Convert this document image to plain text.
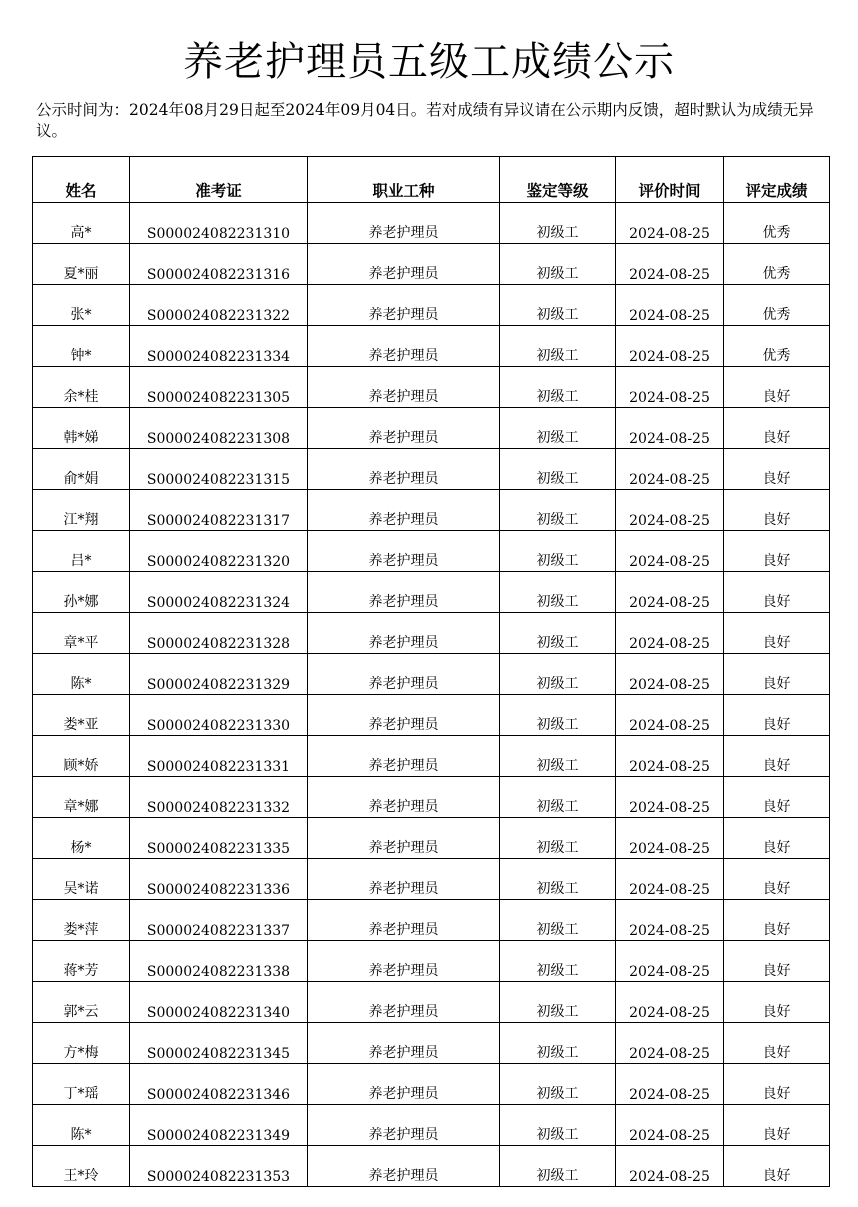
养老护理员五级工成绩公示
公示时间为：2024年08月29日起至2024年09月04日。若对成绩有异议请在公示期内反馈，超时默认为成绩无异议。
姓名	准考证	职业工种	鉴定等级	评价时间	评定成绩
高*	S000024082231310	养老护理员	初级工	2024-08-25	优秀
夏*丽	S000024082231316	养老护理员	初级工	2024-08-25	优秀
张*	S000024082231322	养老护理员	初级工	2024-08-25	优秀
钟*	S000024082231334	养老护理员	初级工	2024-08-25	优秀
余*桂	S000024082231305	养老护理员	初级工	2024-08-25	良好
韩*娣	S000024082231308	养老护理员	初级工	2024-08-25	良好
俞*娟	S000024082231315	养老护理员	初级工	2024-08-25	良好
江*翔	S000024082231317	养老护理员	初级工	2024-08-25	良好
吕*	S000024082231320	养老护理员	初级工	2024-08-25	良好
孙*娜	S000024082231324	养老护理员	初级工	2024-08-25	良好
章*平	S000024082231328	养老护理员	初级工	2024-08-25	良好
陈*	S000024082231329	养老护理员	初级工	2024-08-25	良好
娄*亚	S000024082231330	养老护理员	初级工	2024-08-25	良好
顾*娇	S000024082231331	养老护理员	初级工	2024-08-25	良好
章*娜	S000024082231332	养老护理员	初级工	2024-08-25	良好
杨*	S000024082231335	养老护理员	初级工	2024-08-25	良好
吴*诺	S000024082231336	养老护理员	初级工	2024-08-25	良好
娄*萍	S000024082231337	养老护理员	初级工	2024-08-25	良好
蒋*芳	S000024082231338	养老护理员	初级工	2024-08-25	良好
郭*云	S000024082231340	养老护理员	初级工	2024-08-25	良好
方*梅	S000024082231345	养老护理员	初级工	2024-08-25	良好
丁*瑶	S000024082231346	养老护理员	初级工	2024-08-25	良好
陈*	S000024082231349	养老护理员	初级工	2024-08-25	良好
王*玲	S000024082231353	养老护理员	初级工	2024-08-25	良好
